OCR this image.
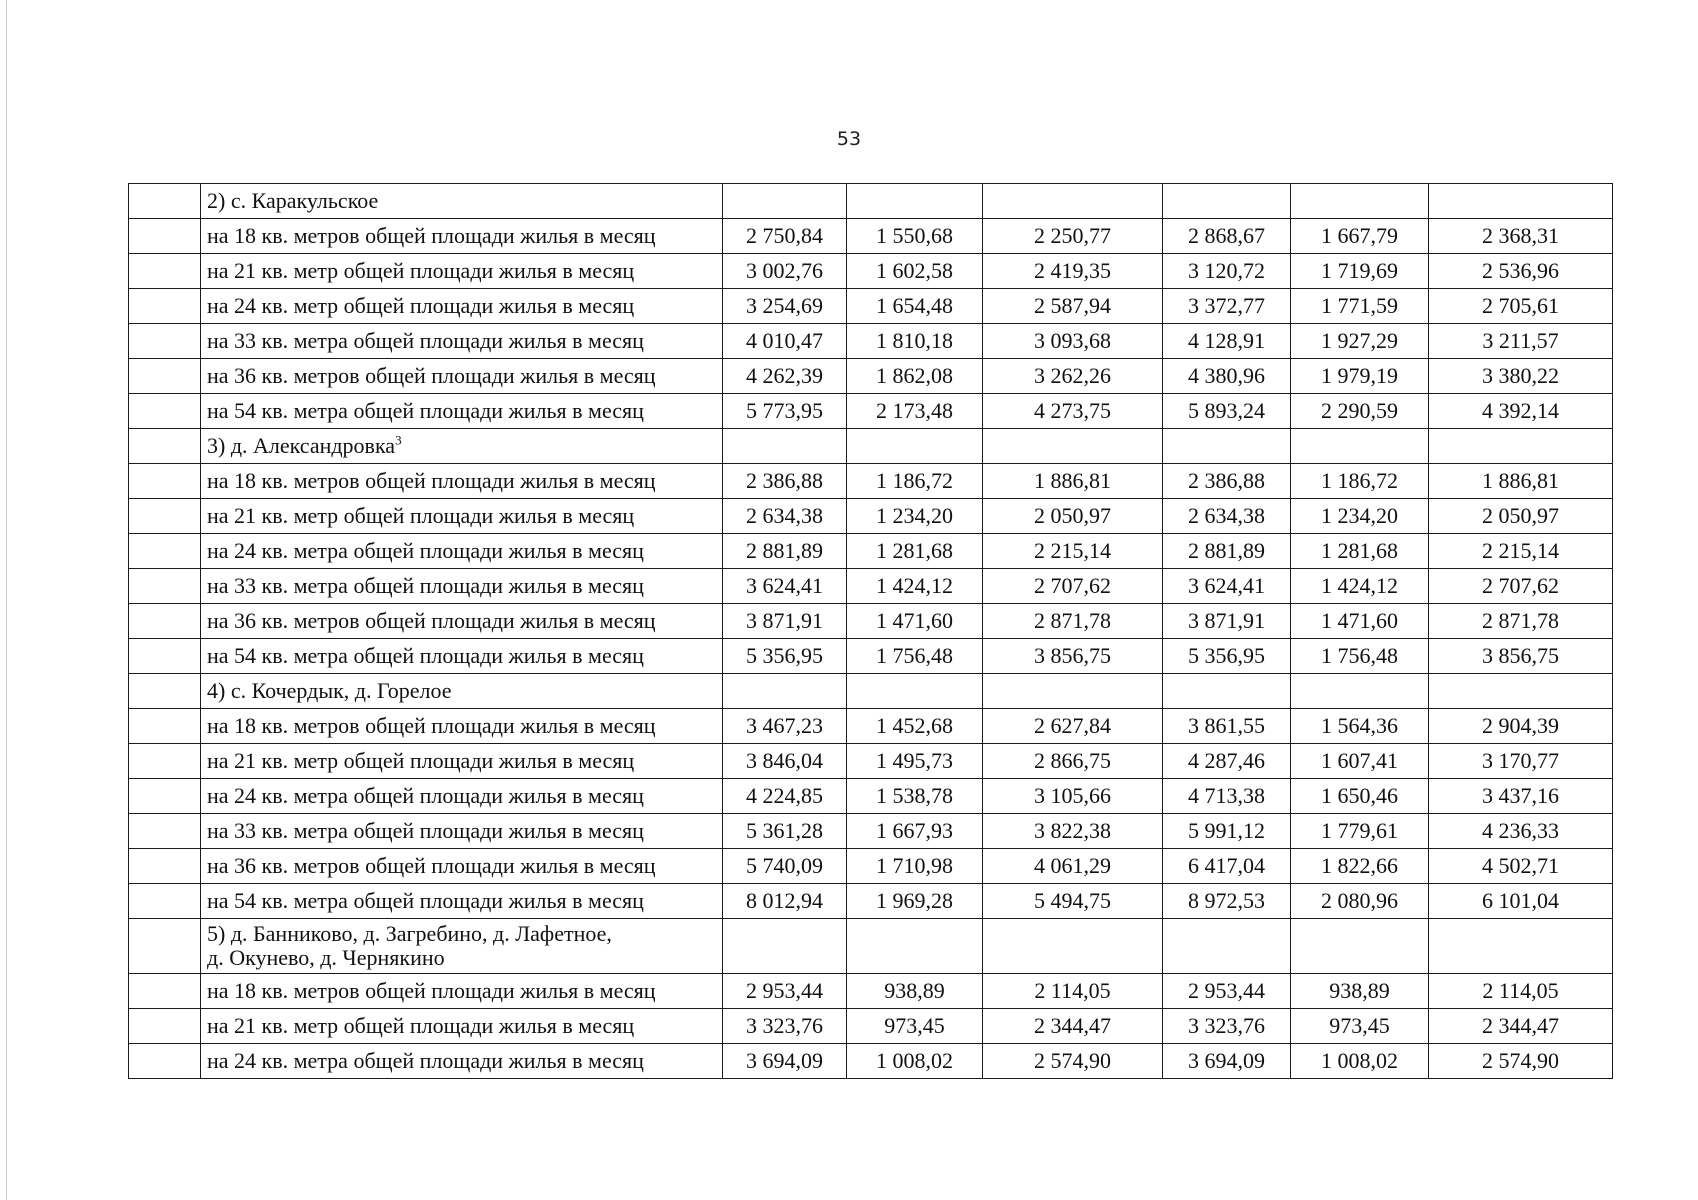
53
	2) с. Каракульское						
	на 18 кв. метров общей площади жилья в месяц	2 750,84	1 550,68	2 250,77	2 868,67	1 667,79	2 368,31
	на 21 кв. метр общей площади жилья в месяц	3 002,76	1 602,58	2 419,35	3 120,72	1 719,69	2 536,96
	на 24 кв. метр общей площади жилья в месяц	3 254,69	1 654,48	2 587,94	3 372,77	1 771,59	2 705,61
	на 33 кв. метра общей площади жилья в месяц	4 010,47	1 810,18	3 093,68	4 128,91	1 927,29	3 211,57
	на 36 кв. метров общей площади жилья в месяц	4 262,39	1 862,08	3 262,26	4 380,96	1 979,19	3 380,22
	на 54 кв. метра общей площади жилья в месяц	5 773,95	2 173,48	4 273,75	5 893,24	2 290,59	4 392,14
	3) д. Александровка$^3$						
	на 18 кв. метров общей площади жилья в месяц	2 386,88	1 186,72	1 886,81	2 386,88	1 186,72	1 886,81
	на 21 кв. метр общей площади жилья в месяц	2 634,38	1 234,20	2 050,97	2 634,38	1 234,20	2 050,97
	на 24 кв. метра общей площади жилья в месяц	2 881,89	1 281,68	2 215,14	2 881,89	1 281,68	2 215,14
	на 33 кв. метра общей площади жилья в месяц	3 624,41	1 424,12	2 707,62	3 624,41	1 424,12	2 707,62
	на 36 кв. метров общей площади жилья в месяц	3 871,91	1 471,60	2 871,78	3 871,91	1 471,60	2 871,78
	на 54 кв. метра общей площади жилья в месяц	5 356,95	1 756,48	3 856,75	5 356,95	1 756,48	3 856,75
	4) с. Кочердык, д. Горелое						
	на 18 кв. метров общей площади жилья в месяц	3 467,23	1 452,68	2 627,84	3 861,55	1 564,36	2 904,39
	на 21 кв. метр общей площади жилья в месяц	3 846,04	1 495,73	2 866,75	4 287,46	1 607,41	3 170,77
	на 24 кв. метра общей площади жилья в месяц	4 224,85	1 538,78	3 105,66	4 713,38	1 650,46	3 437,16
	на 33 кв. метра общей площади жилья в месяц	5 361,28	1 667,93	3 822,38	5 991,12	1 779,61	4 236,33
	на 36 кв. метров общей площади жилья в месяц	5 740,09	1 710,98	4 061,29	6 417,04	1 822,66	4 502,71
	на 54 кв. метра общей площади жилья в месяц	8 012,94	1 969,28	5 494,75	8 972,53	2 080,96	6 101,04
	5) д. Банниково, д. Загребино, д. Лафетное,
д. Окунево, д. Чернякино						
	на 18 кв. метров общей площади жилья в месяц	2 953,44	938,89	2 114,05	2 953,44	938,89	2 114,05
	на 21 кв. метр общей площади жилья в месяц	3 323,76	973,45	2 344,47	3 323,76	973,45	2 344,47
	на 24 кв. метра общей площади жилья в месяц	3 694,09	1 008,02	2 574,90	3 694,09	1 008,02	2 574,90
